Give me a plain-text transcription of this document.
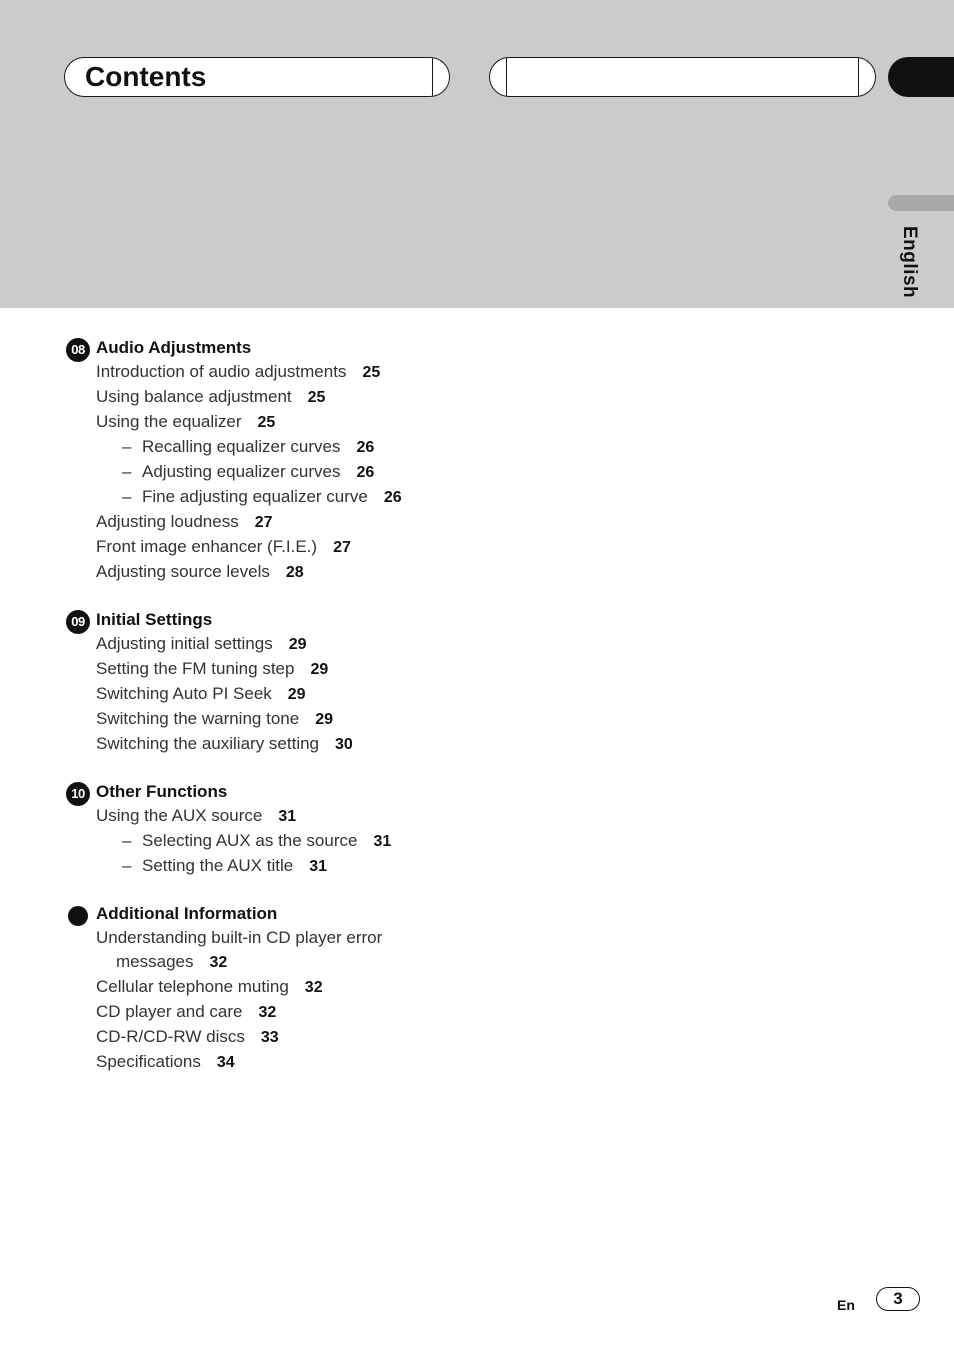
Contents
English
08 Audio Adjustments
Introduction of audio adjustments 25
Using balance adjustment 25
Using the equalizer 25
– Recalling equalizer curves 26
– Adjusting equalizer curves 26
– Fine adjusting equalizer curve 26
Adjusting loudness 27
Front image enhancer (F.I.E.) 27
Adjusting source levels 28
09 Initial Settings
Adjusting initial settings 29
Setting the FM tuning step 29
Switching Auto PI Seek 29
Switching the warning tone 29
Switching the auxiliary setting 30
10 Other Functions
Using the AUX source 31
– Selecting AUX as the source 31
– Setting the AUX title 31
Additional Information
Understanding built-in CD player error
messages 32
Cellular telephone muting 32
CD player and care 32
CD-R/CD-RW discs 33
Specifications 34
En	3
